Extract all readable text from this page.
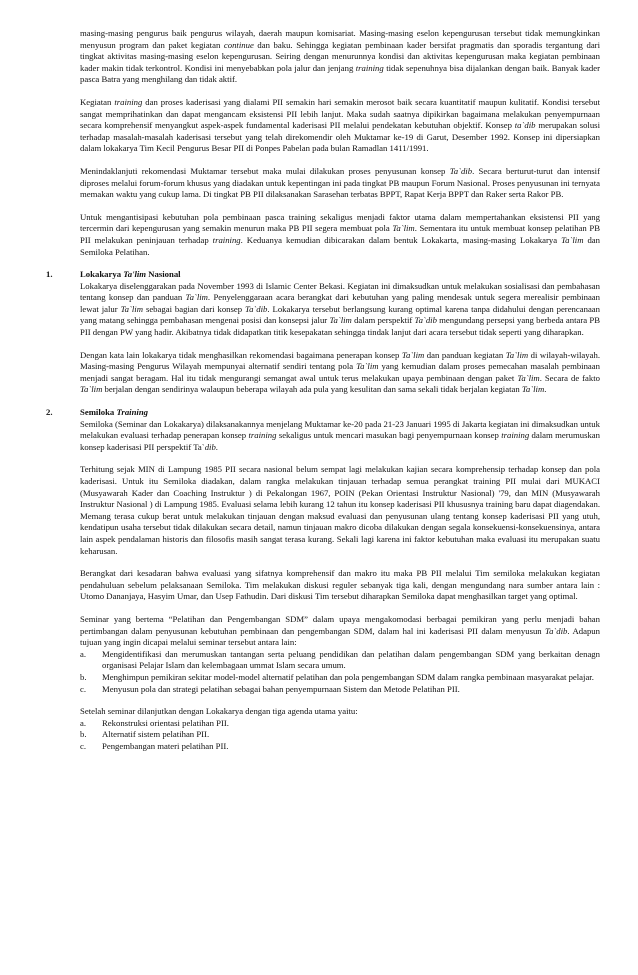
masing-masing pengurus baik pengurus wilayah, daerah maupun komisariat. Masing-masing eselon kepengurusan tersebut tidak memungkinkan menyusun program dan paket kegiatan continue dan baku. Sehingga kegiatan pembinaan kader bersifat pragmatis dan sporadis tergantung dari tingkat aktivitas masing-masing eselon kepengurusan. Seiring dengan menurunnya kondisi dan aktivitas kepengurusan maka kegiatan pembinaan kader makin tidak terkontrol. Kondisi ini menyebabkan pola jalur dan jenjang training tidak sepenuhnya bisa dijalankan dengan baik. Banyak kader pasca Batra yang menghilang dan tidak aktif.

Kegiatan training dan proses kaderisasi yang dialami PII semakin hari semakin merosot baik secara kuantitatif maupun kulitatif. Kondisi tersebut sangat memprihatinkan dan dapat mengancam eksistensi PII lebih lanjut. Maka sudah saatnya dipikirkan bagaimana melakukan penyempurnaan secara komprehensif menyangkut aspek-aspek fundamental kaderisasi PII melalui pendekatan kebutuhan objektif. Konsep ta`dib merupakan solusi terhadap masalah-masalah kaderisasi tersebut yang telah direkomendir oleh Muktamar ke-19 di Garut, Desember 1992. Konsep ini dipersiapkan dalam lokakarya Tim Kecil Pengurus Besar PII di Ponpes Pabelan pada bulan Ramadlan 1411/1991.

Menindaklanjuti rekomendasi Muktamar tersebut maka mulai dilakukan proses penyusunan konsep Ta`dib. Secara berturut-turut dan intensif diproses melalui forum-forum khusus yang diadakan untuk kepentingan ini pada tingkat PB maupun Forum Nasional. Proses penyusunan ini ternyata memakan waktu yang cukup lama. Di tingkat PB PII dilaksanakan Sarasehan terbatas BPPT, Rapat Kerja BPPT dan Raker serta Rakor PB.

Untuk mengantisipasi kebutuhan pola pembinaan pasca training sekaligus menjadi faktor utama dalam mempertahankan eksistensi PII yang tercermin dari kepengurusan yang semakin menurun maka PB PII segera membuat pola Ta`lim. Sementara itu untuk membuat konsep pelatihan PB PII melakukan peninjauan terhadap training. Keduanya kemudian dibicarakan dalam bentuk Lokakarta, masing-masing Lokakarya Ta`lim dan Semiloka Pelatihan.

1.	Lokakarya Ta'lim Nasional

Lokakarya diselenggarakan pada November 1993 di Islamic Center Bekasi. Kegiatan ini dimaksudkan untuk melakukan sosialisasi dan pembahasan tentang konsep dan panduan Ta`lim. Penyelenggaraan acara berangkat dari kebutuhan yang paling mendesak untuk segera merealisir pembinaan lewat jalur Ta`lim sebagai bagian dari konsep Ta`dib. Lokakarya tersebut berlangsung kurang optimal karena tanpa didahului dengan perencanaan yang matang sehingga pembahasan mengenai posisi dan konsepsi jalur Ta`lim dalam perspektif Ta`dib mengundang persepsi yang berbeda antara PB PII dengan PW yang hadir. Akibatnya tidak didapatkan titik kesepakatan sehingga tindak lanjut dari acara tersebut tidak seperti yang diharapkan.

Dengan kata lain lokakarya tidak menghasilkan rekomendasi bagaimana penerapan konsep Ta`lim dan panduan kegiatan Ta`lim di wilayah-wilayah. Masing-masing Pengurus Wilayah mempunyai alternatif sendiri tentang pola Ta`lim yang kemudian dalam proses pemecahan masalah pembinaan menjadi sangat beragam. Hal itu tidak mengurangi semangat awal untuk terus melakukan upaya pembinaan dengan paket Ta`lim. Secara de fakto Ta`lim berjalan dengan sendirinya walaupun beberapa wilayah ada pula yang kesulitan dan sama sekali tidak berjalan kegiatan Ta`lim.

2.	Semiloka Training

Semiloka (Seminar dan Lokakarya) dilaksanakannya menjelang Muktamar ke-20 pada 21-23 Januari 1995 di Jakarta kegiatan ini dimaksudkan untuk melakukan evaluasi terhadap penerapan konsep training sekaligus untuk mencari masukan bagi penyempurnaan konsep training dalam merumuskan konsep kaderisasi PII perspektif Ta`dib.

Terhitung sejak MIN di Lampung 1985 PII secara nasional belum sempat lagi melakukan kajian secara komprehensip terhadap konsep dan pola kaderisasi. Untuk itu Semiloka diadakan, dalam rangka melakukan tinjauan terhadap semua perangkat training PII mulai dari MUKACI (Musyawarah Kader dan Coaching Instruktur ) di Pekalongan 1967, POIN (Pekan Orientasi Instruktur Nasional) '79, dan MIN (Musyawarah Instruktur Nasional ) di Lampung 1985. Evaluasi selama lebih kurang 12 tahun itu konsep kaderisasi PII khususnya training baru dapat diagendakan. Memang terasa cukup berat untuk melakukan tinjauan dengan maksud evaluasi dan penyusunan ulang tentang konsep kaderisasi PII yang utuh, kendatipun usaha tersebut tidak dilakukan secara detail, namun tinjauan makro dicoba dilakukan dengan segala konsekuensi-konsekuensinya, antara lain aspek pendalaman historis dan filosofis masih sangat terasa kurang. Sekali lagi karena ini faktor kebutuhan maka evaluasi itu merupakan suatu keharusan.

Berangkat dari kesadaran bahwa evaluasi yang sifatnya komprehensif dan makro itu maka PB PII melalui Tim semiloka melakukan kegiatan pendahuluan sebelum pelaksanaan Semiloka. Tim melakukan diskusi reguler sebanyak tiga kali, dengan mengundang nara sumber antara lain : Utomo Dananjaya, Hasyim Umar, dan Usep Fathudin. Dari diskusi Tim tersebut diharapkan Semiloka dapat menghasilkan target yang optimal.

Seminar yang bertema “Pelatihan dan Pengembangan SDM” dalam upaya mengakomodasi berbagai pemikiran yang perlu menjadi bahan pertimbangan dalam penyusunan kebutuhan pembinaan dan pengembangan SDM, dalam hal ini kaderisasi PII dalam menyusun Ta`dib. Adapun tujuan yang ingin dicapai melalui seminar tersebut antara lain:

a. Mengidentifikasi dan merumuskan tantangan serta peluang pendidikan dan pelatihan dalam pengembangan SDM yang berkaitan denagn organisasi Pelajar Islam dan kelembagaan ummat Islam secara umum.
b. Menghimpun pemikiran sekitar model-model alternatif pelatihan dan pola pengembangan SDM dalam rangka pembinaan masyarakat pelajar.
c. Menyusun pola dan strategi pelatihan sebagai bahan penyempurnaan Sistem dan Metode Pelatihan PII.

Setelah seminar dilanjutkan dengan Lokakarya dengan tiga agenda utama yaitu:

a. Rekonstruksi orientasi pelatihan PII.
b. Alternatif sistem pelatihan PII.
c. Pengembangan materi pelatihan PII.
